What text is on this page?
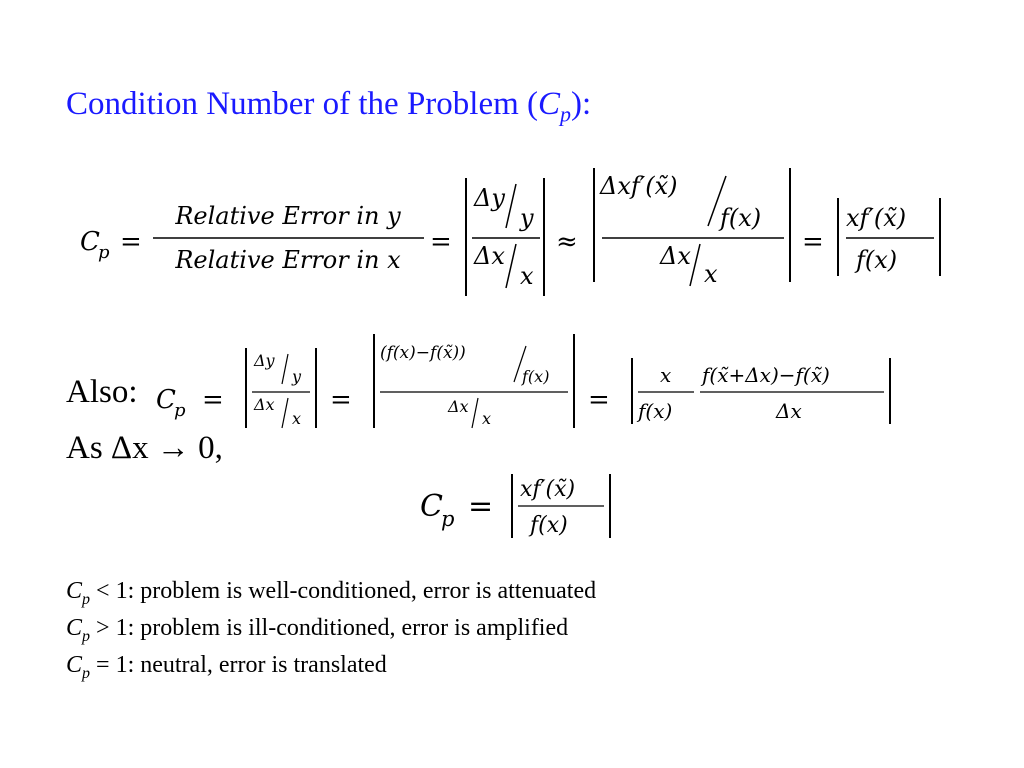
Condition Number of the Problem $(C_p)$:
C
p =
Relative Error in y
Relative Error in x
=
Δy
y
Δx
x
≈
Δxf′(x̃)
f(x)
Δx
x
=
xf′(x̃)
f(x)
Also:
As Δx → 0,
C
p =
Δy
y
Δx
x
=
(f(x)−f(x̃))
f(x)
Δx
x
=
x
f(x)
f(x̃+Δx)−f(x̃)
Δx
C
p = xf′(x̃)
f(x)
$C_p < 1$: problem is well-conditioned, error is attenuated
$C_p > 1$: problem is ill-conditioned, error is amplified
$C_p = 1$: neutral, error is translated
